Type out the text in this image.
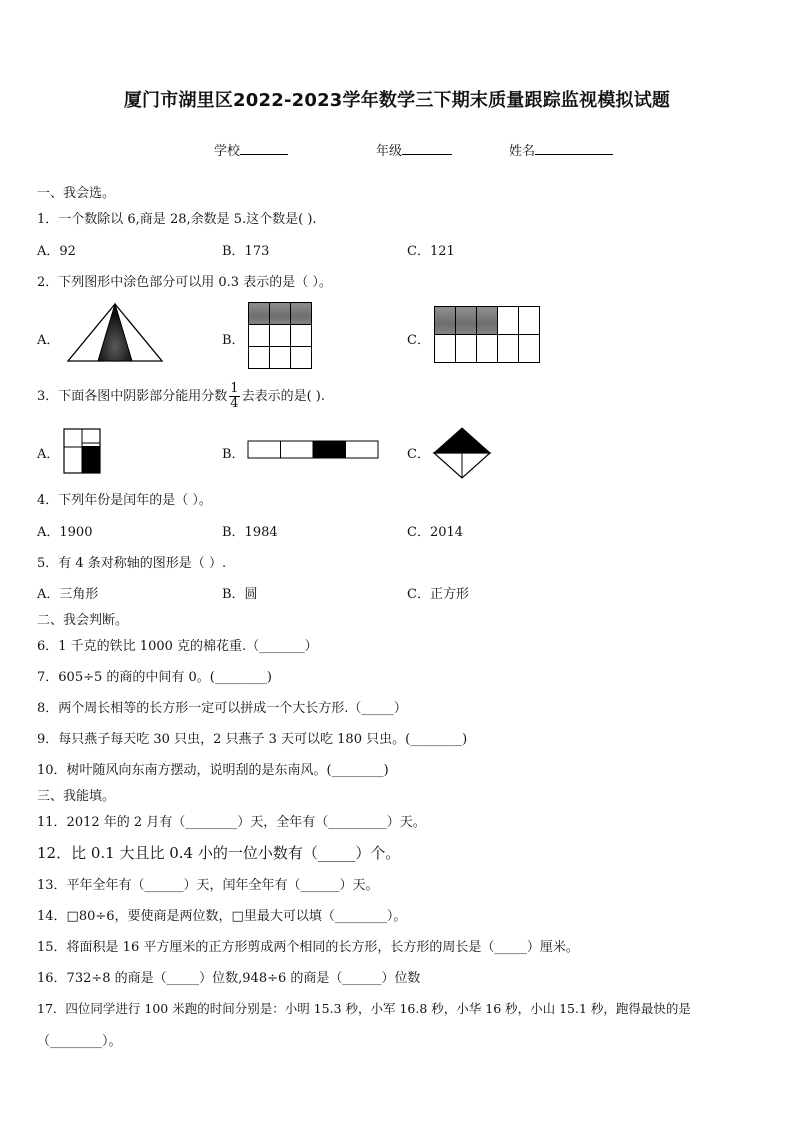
厦门市湖里区2022-2023学年数学三下期末质量跟踪监视模拟试题
学校	年级	姓名
一、我会选。
1．一个数除以 6,商是 28,余数是 5.这个数是( ).
A．92	B．173	C．121
2．下列图形中涂色部分可以用 0.3 表示的是（ ）。
A．	B．	C．

3．下面各图中阴影部分能用分数 $\frac{1}{4}$ 去表示的是( ).
A．	B．	C．
4．下列年份是闰年的是（ ）。
A．1900	B．1984	C．2014
5．有 4 条对称轴的图形是（ ）.
A．三角形	B．圆	C．正方形
二、我会判断。
6．1 千克的铁比 1000 克的棉花重.（_______）
7．605÷5 的商的中间有 0。(________)
8．两个周长相等的长方形一定可以拼成一个大长方形.（_____）
9．每只燕子每天吃 30 只虫，2 只燕子 3 天可以吃 180 只虫。(________)
10．树叶随风向东南方摆动，说明刮的是东南风。(________)
三、我能填。
11．2012 年的 2 月有（________）天，全年有（_________）天。
12．比 0.1 大且比 0.4 小的一位小数有（_____）个。
13．平年全年有（______）天，闰年全年有（______）天。
14．□80÷6，要使商是两位数，□里最大可以填（________）。
15．将面积是 16 平方厘米的正方形剪成两个相同的长方形，长方形的周长是（_____）厘米。
16．732÷8 的商是（_____）位数,948÷6 的商是（______）位数
17．四位同学进行 100 米跑的时间分别是：小明 15.3 秒，小军 16.8 秒，小华 16 秒，小山 15.1 秒，跑得最快的是
（________）。
